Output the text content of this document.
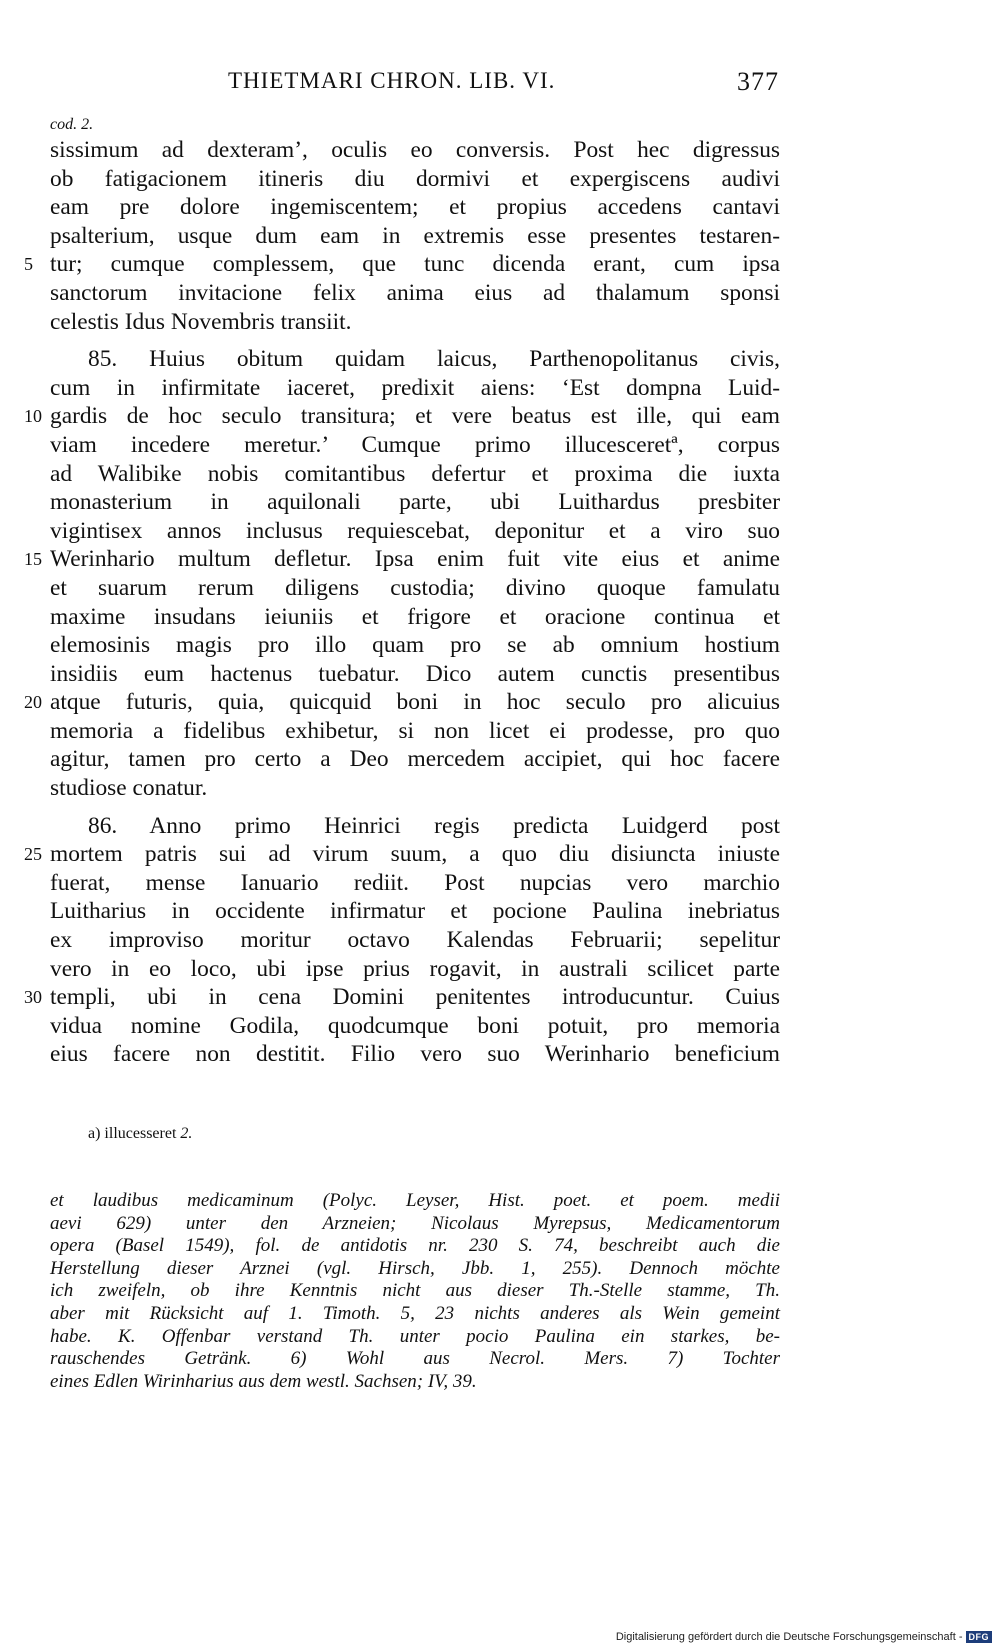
THIETMARI CHRON. LIB. VI.	377
cod. 2.
sissimum ad dexteram’, oculis eo conversis. Post hec digressus
ob fatigacionem itineris diu dormivi et expergiscens audivi
eam pre dolore ingemiscentem; et propius accedens cantavi
psalterium, usque dum eam in extremis esse presentes testaren-
5 tur; cumque complessem, que tunc dicenda erant, cum ipsa
sanctorum invitacione felix anima eius ad thalamum sponsi
celestis Idus Novembris transiit.
85. Huius obitum quidam laicus, Parthenopolitanus civis,
cum in infirmitate iaceret, predixit aiens: ‘Est dompna Luid-
10 gardis de hoc seculo transitura; et vere beatus est ille, qui eam
viam incedere meretur.’ Cumque primo illucesceretª, corpus
ad Walibike nobis comitantibus defertur et proxima die iuxta
monasterium in aquilonali parte, ubi Luithardus presbiter
vigintisex annos inclusus requiescebat, deponitur et a viro suo
15 Werinhario multum defletur. Ipsa enim fuit vite eius et anime
et suarum rerum diligens custodia; divino quoque famulatu
maxime insudans ieiuniis et frigore et oracione continua et
elemosinis magis pro illo quam pro se ab omnium hostium
insidiis eum hactenus tuebatur. Dico autem cunctis presentibus
20 atque futuris, quia, quicquid boni in hoc seculo pro alicuius
memoria a fidelibus exhibetur, si non licet ei prodesse, pro quo
agitur, tamen pro certo a Deo mercedem accipiet, qui hoc facere
studiose conatur.
86. Anno primo Heinrici regis predicta Luidgerd post
25 mortem patris sui ad virum suum, a quo diu disiuncta iniuste
fuerat, mense Ianuario rediit. Post nupcias vero marchio
Luitharius in occidente infirmatur et pocione Paulina inebriatus
ex improviso moritur octavo Kalendas Februarii; sepelitur
vero in eo loco, ubi ipse prius rogavit, in australi scilicet parte
30 templi, ubi in cena Domini penitentes introducuntur. Cuius
vidua nomine Godila, quodcumque boni potuit, pro memoria
eius facere non destitit. Filio vero suo Werinhario beneficium
a) illucesseret 2.
et laudibus medicaminum (Polyc. Leyser, Hist. poet. et poem. medii
aevi 629) unter den Arzneien; Nicolaus Myrepsus, Medicamentorum
opera (Basel 1549), fol. de antidotis nr. 230 S. 74, beschreibt auch die
Herstellung dieser Arznei (vgl. Hirsch, Jbb. 1, 255). Dennoch möchte
ich zweifeln, ob ihre Kenntnis nicht aus dieser Th.-Stelle stamme, Th.
aber mit Rücksicht auf 1. Timoth. 5, 23 nichts anderes als Wein gemeint
habe. K. Offenbar verstand Th. unter pocio Paulina ein starkes, be-
rauschendes Getränk. 6) Wohl aus Necrol. Mers. 7) Tochter
eines Edlen Wirinharius aus dem westl. Sachsen; IV, 39.
Digitalisierung gefördert durch die Deutsche Forschungsgemeinschaft - DFG
